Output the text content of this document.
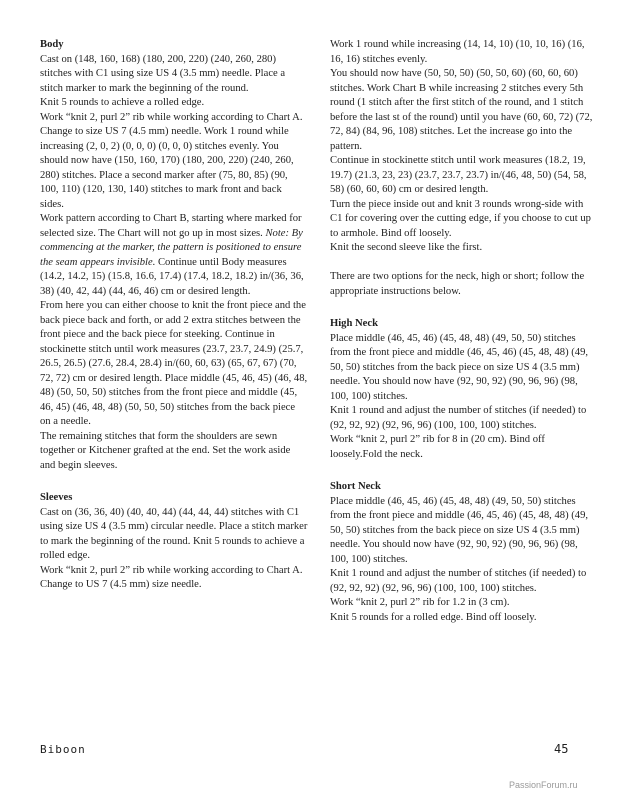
Body

Cast on (148, 160, 168) (180, 200, 220) (240, 260, 280) stitches with C1 using size US 4 (3.5 mm) needle. Place a stitch marker to mark the beginning of the round.

Knit 5 rounds to achieve a rolled edge.

Work “knit 2, purl 2” rib while working according to Chart A.

Change to size US 7 (4.5 mm) needle. Work 1 round while increasing (2, 0, 2) (0, 0, 0) (0, 0, 0) stitches evenly. You should now have (150, 160, 170) (180, 200, 220) (240, 260, 280) stitches. Place a second marker after (75, 80, 85) (90, 100, 110) (120, 130, 140) stitches to mark front and back sides.

Work pattern according to Chart B, starting where marked for selected size. The Chart will not go up in most sizes. Note: By commencing at the marker, the pattern is positioned to ensure the seam appears invisible. Continue until Body measures (14.2, 14.2, 15) (15.8, 16.6, 17.4) (17.4, 18.2, 18.2) in/(36, 36, 38) (40, 42, 44) (44, 46, 46) cm or desired length.

From here you can either choose to knit the front piece and the back piece back and forth, or add 2 extra stitches between the front piece and the back piece for steeking. Continue in stockinette stitch until work measures (23.7, 23.7, 24.9) (25.7, 26.5, 26.5) (27.6, 28.4, 28.4) in/(60, 60, 63) (65, 67, 67) (70, 72, 72) cm or desired length. Place middle (45, 46, 45) (46, 48, 48) (50, 50, 50) stitches from the front piece and middle (45, 46, 45) (46, 48, 48) (50, 50, 50) stitches from the back piece on a needle.

The remaining stitches that form the shoulders are sewn together or Kitchener grafted at the end. Set the work aside and begin sleeves.

Sleeves

Cast on (36, 36, 40) (40, 40, 44) (44, 44, 44) stitches with C1 using size US 4 (3.5 mm) circular needle. Place a stitch marker to mark the beginning of the round. Knit 5 rounds to achieve a rolled edge.

Work “knit 2, purl 2” rib while working according to Chart A.

Change to US 7 (4.5 mm) size needle.

Work 1 round while increasing (14, 14, 10) (10, 10, 16) (16, 16, 16) stitches evenly.

You should now have (50, 50, 50) (50, 50, 60) (60, 60, 60) stitches. Work Chart B while increasing 2 stitches every 5th round (1 stitch after the first stitch of the round, and 1 stitch before the last st of the round) until you have (60, 60, 72) (72, 72, 84) (84, 96, 108) stitches. Let the increase go into the pattern.

Continue in stockinette stitch until work measures (18.2, 19, 19.7) (21.3, 23, 23) (23.7, 23.7, 23.7) in/(46, 48, 50) (54, 58, 58) (60, 60, 60) cm or desired length.

Turn the piece inside out and knit 3 rounds wrong-side with C1 for covering over the cutting edge, if you choose to cut up to armhole. Bind off loosely.

Knit the second sleeve like the first.

There are two options for the neck, high or short; follow the appropriate instructions below.

High Neck

Place middle (46, 45, 46) (45, 48, 48) (49, 50, 50) stitches from the front piece and middle (46, 45, 46) (45, 48, 48) (49, 50, 50) stitches from the back piece on size US 4 (3.5 mm) needle. You should now have (92, 90, 92) (90, 96, 96) (98, 100, 100) stitches.

Knit 1 round and adjust the number of stitches (if needed) to (92, 92, 92) (92, 96, 96) (100, 100, 100) stitches.

Work “knit 2, purl 2” rib for 8 in (20 cm). Bind off loosely.Fold the neck.

Short Neck

Place middle (46, 45, 46) (45, 48, 48) (49, 50, 50) stitches from the front piece and middle (46, 45, 46) (45, 48, 48) (49, 50, 50) stitches from the back piece on size US 4 (3.5 mm) needle. You should now have (92, 90, 92) (90, 96, 96) (98, 100, 100) stitches.

Knit 1 round and adjust the number of stitches (if needed) to (92, 92, 92) (92, 96, 96) (100, 100, 100) stitches.

Work “knit 2, purl 2” rib for 1.2 in (3 cm).

Knit 5 rounds for a rolled edge. Bind off loosely.

Biboon	45
PassionForum.ru
